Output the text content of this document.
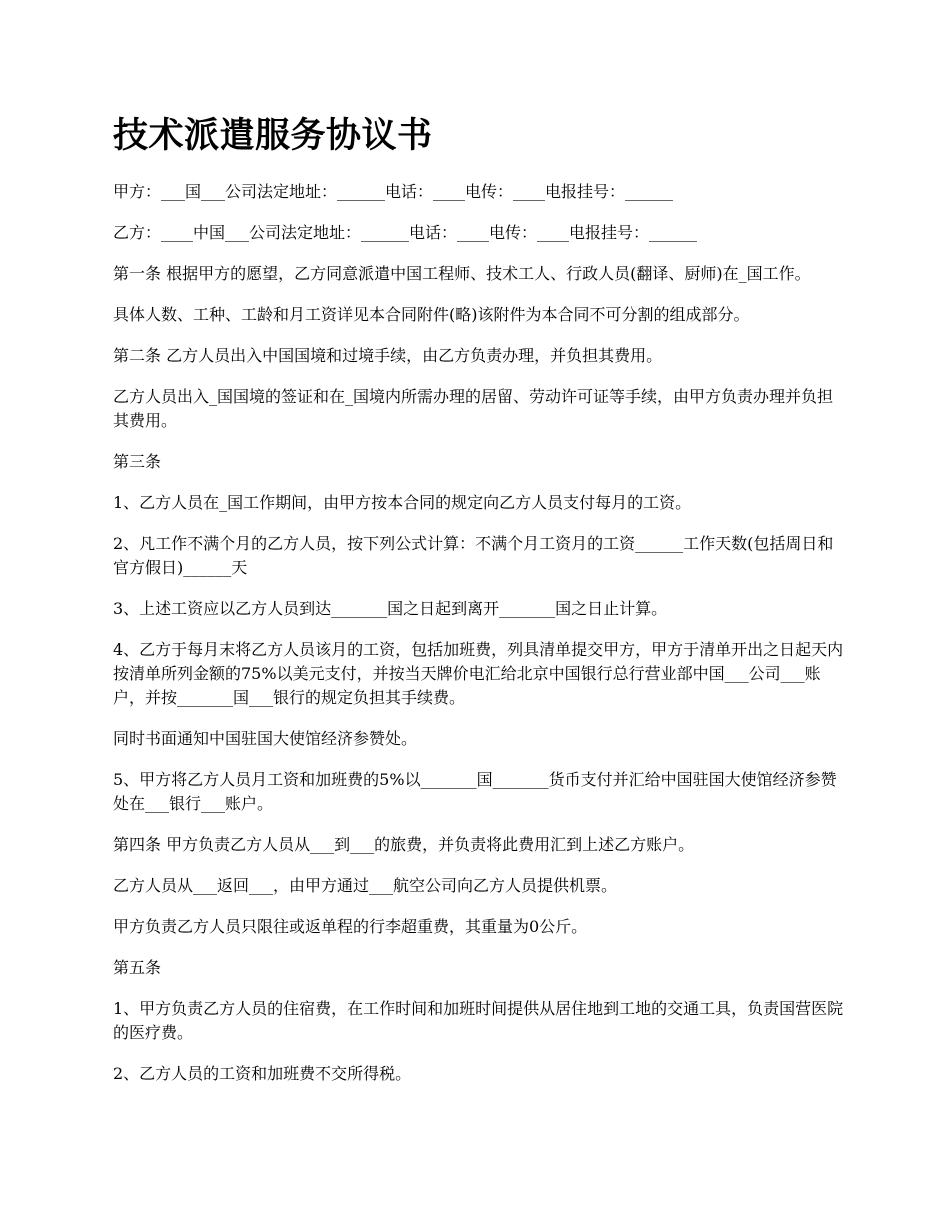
技术派遣服务协议书

甲方：___国___公司法定地址：______电话：____电传：____电报挂号：______

乙方：____中国___公司法定地址：______电话：____电传：____电报挂号：______

第一条 根据甲方的愿望，乙方同意派遣中国工程师、技术工人、行政人员(翻译、厨师)在_国工作。

具体人数、工种、工龄和月工资详见本合同附件(略)该附件为本合同不可分割的组成部分。

第二条 乙方人员出入中国国境和过境手续，由乙方负责办理，并负担其费用。

乙方人员出入_国国境的签证和在_国境内所需办理的居留、劳动许可证等手续，由甲方负责办理并负担其费用。

第三条

1、乙方人员在_国工作期间，由甲方按本合同的规定向乙方人员支付每月的工资。

2、凡工作不满个月的乙方人员，按下列公式计算：不满个月工资月的工资______工作天数(包括周日和官方假日)______天

3、上述工资应以乙方人员到达_______国之日起到离开_______国之日止计算。

4、乙方于每月末将乙方人员该月的工资，包括加班费，列具清单提交甲方，甲方于清单开出之日起天内按清单所列金额的75%以美元支付，并按当天牌价电汇给北京中国银行总行营业部中国___公司___账户，并按_______国___银行的规定负担其手续费。

同时书面通知中国驻国大使馆经济参赞处。

5、甲方将乙方人员月工资和加班费的5%以_______国_______货币支付并汇给中国驻国大使馆经济参赞处在___银行___账户。

第四条 甲方负责乙方人员从___到___的旅费，并负责将此费用汇到上述乙方账户。

乙方人员从___返回___，由甲方通过___航空公司向乙方人员提供机票。

甲方负责乙方人员只限往或返单程的行李超重费，其重量为0公斤。

第五条

1、甲方负责乙方人员的住宿费，在工作时间和加班时间提供从居住地到工地的交通工具，负责国营医院的医疗费。

2、乙方人员的工资和加班费不交所得税。
